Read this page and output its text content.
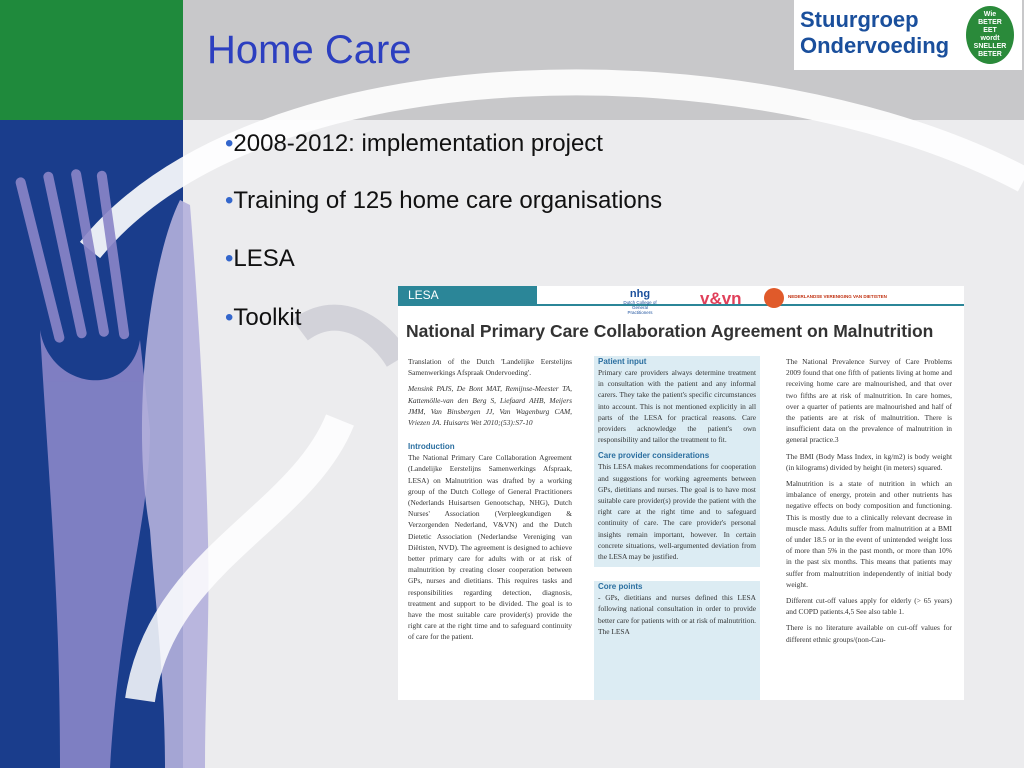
Home Care
Stuurgroep
Ondervoeding
Wie
BETER
EET
wordt
SNELLER
BETER
•2008-2012: implementation project
•Training of 125 home care organisations
•LESA
•Toolkit
LESA	nhg
Dutch College of General Practitioners
v&vn	NEDERLANDSE VERENIGING VAN DIETISTEN
National Primary Care Collaboration Agreement on Malnutrition

Translation of the Dutch 'Landelijke Eerstelijns Samenwerkings Afspraak Ondervoeding'.

Mensink PAJS, De Bont MAT, Remijnse-Meester TA, Kattemölle-van den Berg S, Liefaard AHB, Meijers JMM, Van Binsbergen JJ, Van Wagenburg CAM, Vriezen JA. Huisarts Wet 2010;(53):S7-10

Introduction

The National Primary Care Collaboration Agreement (Landelijke Eerstelijns Samenwerkings Afspraak, LESA) on Malnutrition was drafted by a working group of the Dutch College of General Practitioners (Nederlands Huisartsen Genootschap, NHG), Dutch Nurses' Association (Verpleegkundigen & Verzorgenden Nederland, V&VN) and the Dutch Dietetic Association (Nederlandse Vereniging van Diëtisten, NVD). The agreement is designed to achieve better primary care for adults with or at risk of malnutrition by creating closer cooperation between GPs, nurses and dietitians. This requires tasks and responsibilities regarding detection, diagnosis, treatment and support to be divided. The goal is to have the most suitable care provider(s) provide the right care at the right time and to safeguard continuity of care for the patient.

Patient input

Primary care providers always determine treatment in consultation with the patient and any informal carers. They take the patient's specific circumstances into account. This is not mentioned explicitly in all parts of the LESA for practical reasons. Care providers acknowledge the patient's own responsibility and tailor the treatment to fit.

Care provider considerations

This LESA makes recommendations for cooperation and suggestions for working agreements between GPs, dietitians and nurses. The goal is to have most suitable care provider(s) provide the patient with the right care at the right time and to safeguard continuity of care. The care provider's personal insights remain important, however. In certain concrete situations, well-argumented deviation from the LESA may be justified.

Core points

- GPs, dietitians and nurses defined this LESA following national consultation in order to provide better care for patients with or at risk of malnutrition. The LESA

The National Prevalence Survey of Care Problems 2009 found that one fifth of patients living at home and receiving home care are malnourished, and that over two fifths are at risk of malnutrition. In care homes, over a quarter of patients are malnourished and half of the patients are at risk of malnutrition. There is insufficient data on the prevalence of malnutrition in general practice.3

The BMI (Body Mass Index, in kg/m2) is body weight (in kilograms) divided by height (in meters) squared.

Malnutrition is a state of nutrition in which an imbalance of energy, protein and other nutrients has negative effects on body composition and functioning. This is mostly due to a clinically relevant decrease in muscle mass. Adults suffer from malnutrition at a BMI of under 18.5 or in the event of unintended weight loss of more than 5% in the past month, or more than 10% in the past six months. This means that patients may suffer from malnutrition independently of initial body weight.

Different cut-off values apply for elderly (> 65 years) and COPD patients.4,5 See also table 1.

There is no literature available on cut-off values for different ethnic groups/(non-Cau-
